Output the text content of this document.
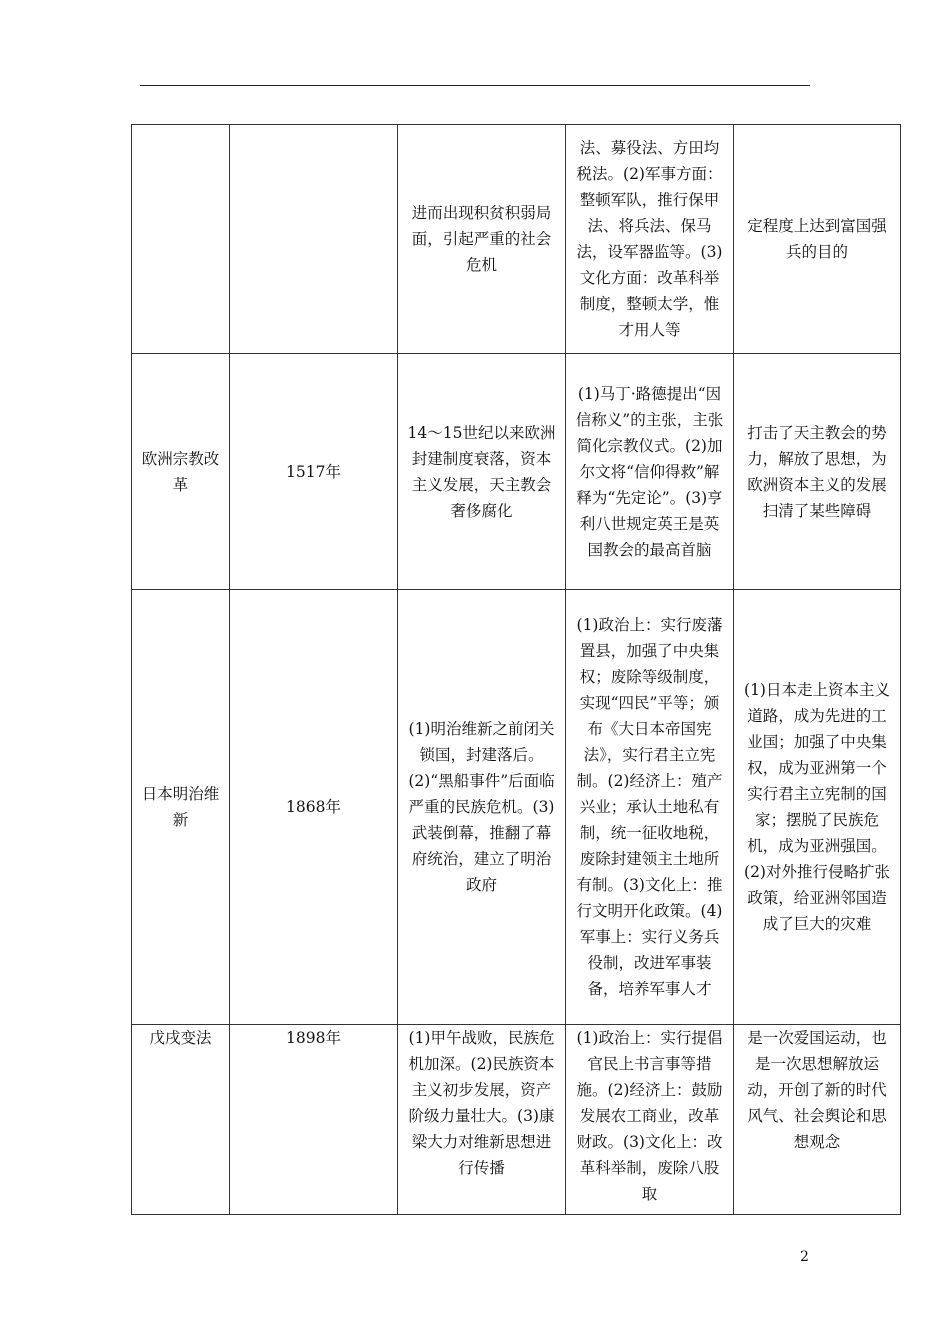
		进而出现积贫积弱局面，引起严重的社会危机	法、募役法、方田均税法。(2)军事方面：整顿军队，推行保甲法、将兵法、保马法，设军器监等。(3)文化方面：改革科举制度，整顿太学，惟才用人等	定程度上达到富国强兵的目的
欧洲宗教改革	1517年	14～15世纪以来欧洲封建制度衰落，资本主义发展，天主教会奢侈腐化	(1)马丁·路德提出“因信称义”的主张，主张简化宗教仪式。(2)加尔文将“信仰得救”解释为“先定论”。(3)亨利八世规定英王是英国教会的最高首脑	打击了天主教会的势力，解放了思想，为欧洲资本主义的发展扫清了某些障碍
日本明治维新	1868年	(1)明治维新之前闭关锁国，封建落后。(2)“黑船事件”后面临严重的民族危机。(3)武装倒幕，推翻了幕府统治，建立了明治政府	(1)政治上：实行废藩置县，加强了中央集权；废除等级制度，实现“四民”平等；颁布《大日本帝国宪法》，实行君主立宪制。(2)经济上：殖产兴业；承认土地私有制，统一征收地税，废除封建领主土地所有制。(3)文化上：推行文明开化政策。(4)军事上：实行义务兵役制，改进军事装备，培养军事人才	(1)日本走上资本主义道路，成为先进的工业国；加强了中央集权，成为亚洲第一个实行君主立宪制的国家；摆脱了民族危机，成为亚洲强国。(2)对外推行侵略扩张政策，给亚洲邻国造成了巨大的灾难
戊戌变法	1898年	(1)甲午战败，民族危机加深。(2)民族资本主义初步发展，资产阶级力量壮大。(3)康梁大力对维新思想进行传播	(1)政治上：实行提倡官民上书言事等措施。(2)经济上：鼓励发展农工商业，改革财政。(3)文化上：改革科举制，废除八股取	是一次爱国运动，也是一次思想解放运动，开创了新的时代风气、社会舆论和思想观念
2
